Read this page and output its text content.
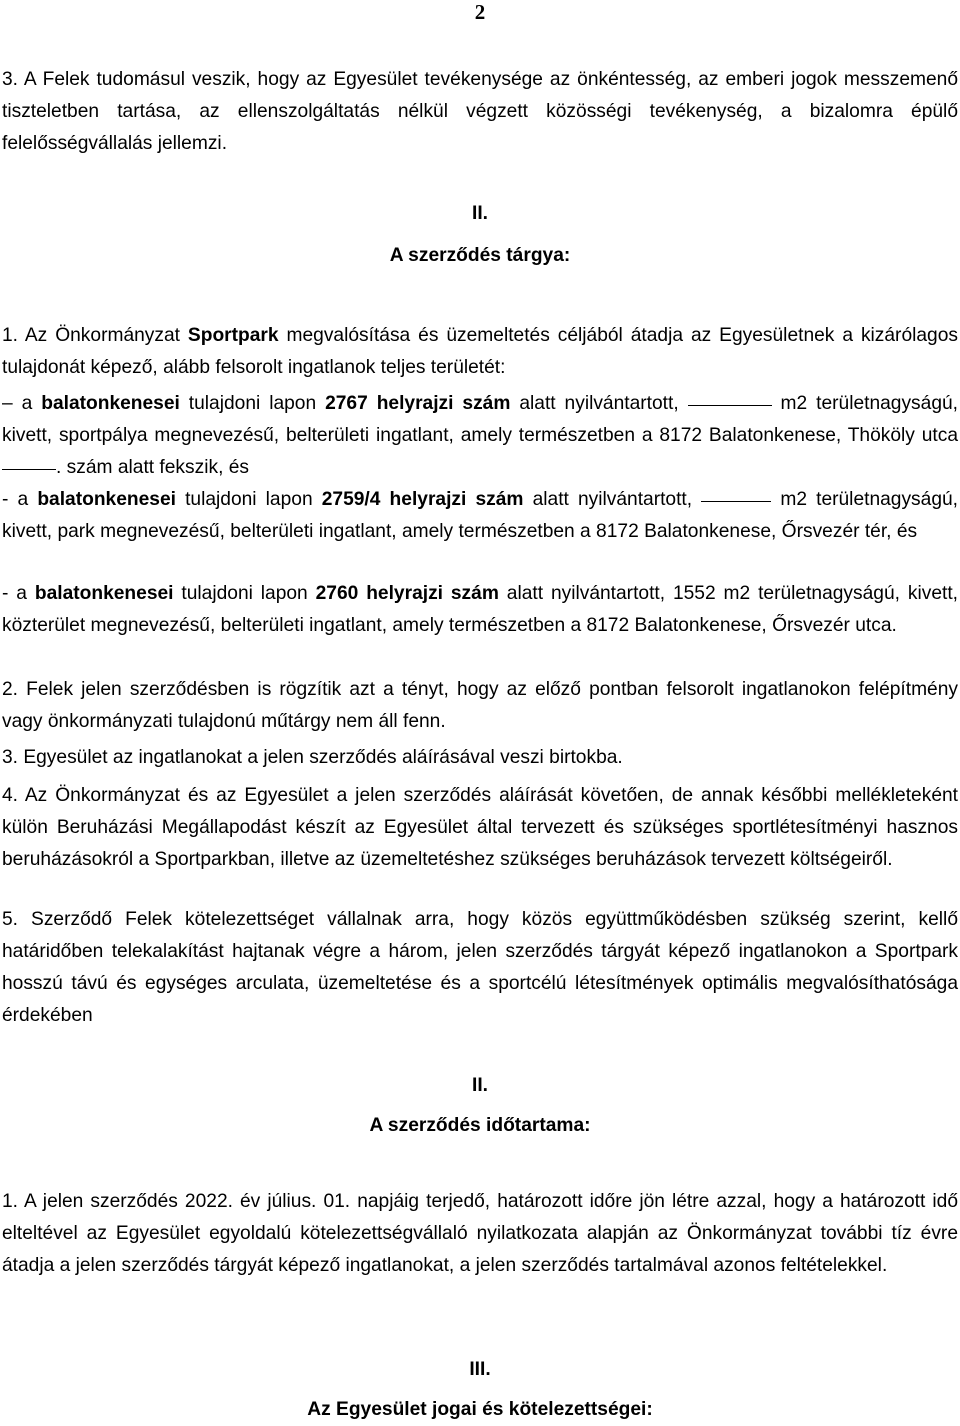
2

3. A Felek tudomásul veszik, hogy az Egyesület tevékenysége az önkéntesség, az emberi jogok messzemenő tiszteletben tartása, az ellenszolgáltatás nélkül végzett közösségi tevékenység, a bizalomra épülő felelősségvállalás jellemzi.

II.
A szerződés tárgya:

1. Az Önkormányzat Sportpark megvalósítása és üzemeltetés céljából átadja az Egyesületnek a kizárólagos tulajdonát képező, alább felsorolt ingatlanok teljes területét:

– a balatonkenesei tulajdoni lapon 2767 helyrajzi szám alatt nyilvántartott,	m2 területnagyságú, kivett, sportpálya megnevezésű, belterületi ingatlant, amely természetben a 8172 Balatonkenese, Thököly utca . szám alatt fekszik, és

- a balatonkenesei tulajdoni lapon 2759/4 helyrajzi szám alatt nyilvántartott,	m2 területnagyságú, kivett, park megnevezésű, belterületi ingatlant, amely természetben a 8172 Balatonkenese, Őrsvezér tér, és

- a balatonkenesei tulajdoni lapon 2760 helyrajzi szám alatt nyilvántartott, 1552 m2 területnagyságú, kivett, közterület megnevezésű, belterületi ingatlant, amely természetben a 8172 Balatonkenese, Őrsvezér utca.

2. Felek jelen szerződésben is rögzítik azt a tényt, hogy az előző pontban felsorolt ingatlanokon felépítmény vagy önkormányzati tulajdonú műtárgy nem áll fenn.

3. Egyesület az ingatlanokat a jelen szerződés aláírásával veszi birtokba.

4. Az Önkormányzat és az Egyesület a jelen szerződés aláírását követően, de annak későbbi mellékleteként külön Beruházási Megállapodást készít az Egyesület által tervezett és szükséges sportlétesítményi hasznos beruházásokról a Sportparkban, illetve az üzemeltetéshez szükséges beruházások tervezett költségeiről.

5. Szerződő Felek kötelezettséget vállalnak arra, hogy közös együttműködésben szükség szerint, kellő határidőben telekalakítást hajtanak végre a három, jelen szerződés tárgyát képező ingatlanokon a Sportpark hosszú távú és egységes arculata, üzemeltetése és a sportcélú létesítmények optimális megvalósíthatósága érdekében

II.
A szerződés időtartama:

1. A jelen szerződés 2022. év július. 01. napjáig terjedő, határozott időre jön létre azzal, hogy a határozott idő elteltével az Egyesület egyoldalú kötelezettségvállaló nyilatkozata alapján az Önkormányzat további tíz évre átadja a jelen szerződés tárgyát képező ingatlanokat, a jelen szerződés tartalmával azonos feltételekkel.

III.
Az Egyesület jogai és kötelezettségei:
